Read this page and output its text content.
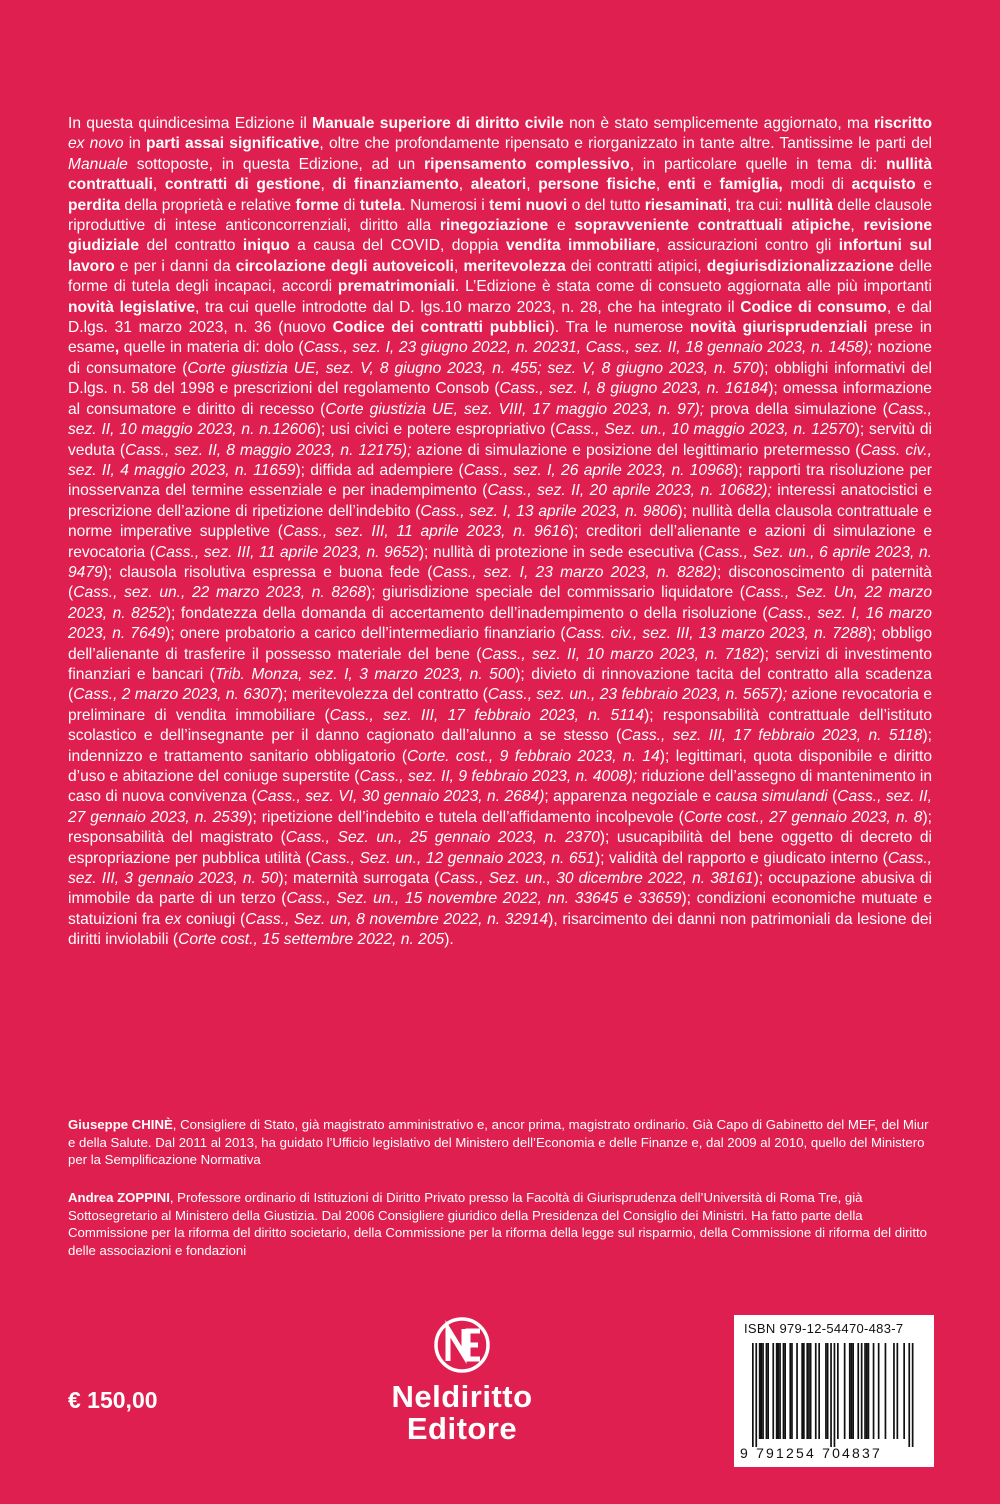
In questa quindicesima Edizione il Manuale superiore di diritto civile non è stato semplicemente aggiornato, ma riscritto ex novo in parti assai significative, oltre che profondamente ripensato e riorganizzato in tante altre. Tantissime le parti del Manuale sottoposte, in questa Edizione, ad un ripensamento complessivo, in particolare quelle in tema di: nullità contrattuali, contratti di gestione, di finanziamento, aleatori, persone fisiche, enti e famiglia, modi di acquisto e perdita della proprietà e relative forme di tutela. Numerosi i temi nuovi o del tutto riesaminati, tra cui: nullità delle clausole riproduttive di intese anticoncorrenziali, diritto alla rinegoziazione e sopravveniente contrattuali atipiche, revisione giudiziale del contratto iniquo a causa del COVID, doppia vendita immobiliare, assicurazioni contro gli infortuni sul lavoro e per i danni da circolazione degli autoveicoli, meritevolezza dei contratti atipici, degiurisdizionalizzazione delle forme di tutela degli incapaci, accordi prematrimoniali. L’Edizione è stata come di consueto aggiornata alle più importanti novità legislative, tra cui quelle introdotte dal D. lgs.10 marzo 2023, n. 28, che ha integrato il Codice di consumo, e dal D.lgs. 31 marzo 2023, n. 36 (nuovo Codice dei contratti pubblici). Tra le numerose novità giurisprudenziali prese in esame, quelle in materia di: dolo (Cass., sez. I, 23 giugno 2022, n. 20231, Cass., sez. II, 18 gennaio 2023, n. 1458); nozione di consumatore (Corte giustizia UE, sez. V, 8 giugno 2023, n. 455; sez. V, 8 giugno 2023, n. 570); obblighi informativi del D.lgs. n. 58 del 1998 e prescrizioni del regolamento Consob (Cass., sez. I, 8 giugno 2023, n. 16184); omessa informazione al consumatore e diritto di recesso (Corte giustizia UE, sez. VIII, 17 maggio 2023, n. 97); prova della simulazione (Cass., sez. II, 10 maggio 2023, n. n.12606); usi civici e potere espropriativo (Cass., Sez. un., 10 maggio 2023, n. 12570); servitù di veduta (Cass., sez. II, 8 maggio 2023, n. 12175); azione di simulazione e posizione del legittimario pretermesso (Cass. civ., sez. II, 4 maggio 2023, n. 11659); diffida ad adempiere (Cass., sez. I, 26 aprile 2023, n. 10968); rapporti tra risoluzione per inosservanza del termine essenziale e per inadempimento (Cass., sez. II, 20 aprile 2023, n. 10682); interessi anatocistici e prescrizione dell’azione di ripetizione dell’indebito (Cass., sez. I, 13 aprile 2023, n. 9806); nullità della clausola contrattuale e norme imperative suppletive (Cass., sez. III, 11 aprile 2023, n. 9616); creditori dell’alienante e azioni di simulazione e revocatoria (Cass., sez. III, 11 aprile 2023, n. 9652); nullità di protezione in sede esecutiva (Cass., Sez. un., 6 aprile 2023, n. 9479); clausola risolutiva espressa e buona fede (Cass., sez. I, 23 marzo 2023, n. 8282); disconoscimento di paternità (Cass., sez. un., 22 marzo 2023, n. 8268); giurisdizione speciale del commissario liquidatore (Cass., Sez. Un, 22 marzo 2023, n. 8252); fondatezza della domanda di accertamento dell’inadempimento o della risoluzione (Cass., sez. I, 16 marzo 2023, n. 7649); onere probatorio a carico dell’intermediario finanziario (Cass. civ., sez. III, 13 marzo 2023, n. 7288); obbligo dell’alienante di trasferire il possesso materiale del bene (Cass., sez. II, 10 marzo 2023, n. 7182); servizi di investimento finanziari e bancari (Trib. Monza, sez. I, 3 marzo 2023, n. 500); divieto di rinnovazione tacita del contratto alla scadenza (Cass., 2 marzo 2023, n. 6307); meritevolezza del contratto (Cass., sez. un., 23 febbraio 2023, n. 5657); azione revocatoria e preliminare di vendita immobiliare (Cass., sez. III, 17 febbraio 2023, n. 5114); responsabilità contrattuale dell’istituto scolastico e dell’insegnante per il danno cagionato dall’alunno a se stesso (Cass., sez. III, 17 febbraio 2023, n. 5118); indennizzo e trattamento sanitario obbligatorio (Corte. cost., 9 febbraio 2023, n. 14); legittimari, quota disponibile e diritto d’uso e abitazione del coniuge superstite (Cass., sez. II, 9 febbraio 2023, n. 4008); riduzione dell’assegno di mantenimento in caso di nuova convivenza (Cass., sez. VI, 30 gennaio 2023, n. 2684); apparenza negoziale e causa simulandi (Cass., sez. II, 27 gennaio 2023, n. 2539); ripetizione dell’indebito e tutela dell’affidamento incolpevole (Corte cost., 27 gennaio 2023, n. 8); responsabilità del magistrato (Cass., Sez. un., 25 gennaio 2023, n. 2370); usucapibilità del bene oggetto di decreto di espropriazione per pubblica utilità (Cass., Sez. un., 12 gennaio 2023, n. 651); validità del rapporto e giudicato interno (Cass., sez. III, 3 gennaio 2023, n. 50); maternità surrogata (Cass., Sez. un., 30 dicembre 2022, n. 38161); occupazione abusiva di immobile da parte di un terzo (Cass., Sez. un., 15 novembre 2022, nn. 33645 e 33659); condizioni economiche mutuate e statuizioni fra ex coniugi (Cass., Sez. un, 8 novembre 2022, n. 32914), risarcimento dei danni non patrimoniali da lesione dei diritti inviolabili (Corte cost., 15 settembre 2022, n. 205).

Giuseppe CHINÈ, Consigliere di Stato, già magistrato amministrativo e, ancor prima, magistrato ordinario. Già Capo di Gabinetto del MEF, del Miur e della Salute. Dal 2011 al 2013, ha guidato l’Ufficio legislativo del Ministero dell’Economia e delle Finanze e, dal 2009 al 2010, quello del Ministero per la Semplificazione Normativa

Andrea ZOPPINI, Professore ordinario di Istituzioni di Diritto Privato presso la Facoltà di Giurisprudenza dell’Università di Roma Tre, già Sottosegretario al Ministero della Giustizia. Dal 2006 Consigliere giuridico della Presidenza del Consiglio dei Ministri. Ha fatto parte della Commissione per la riforma del diritto societario, della Commissione per la riforma della legge sul risparmio, della Commissione di riforma del diritto delle associazioni e fondazioni

€ 150,00	Neldiritto
Editore

ISBN 979-12-54470-483-7

9 791254 704837
